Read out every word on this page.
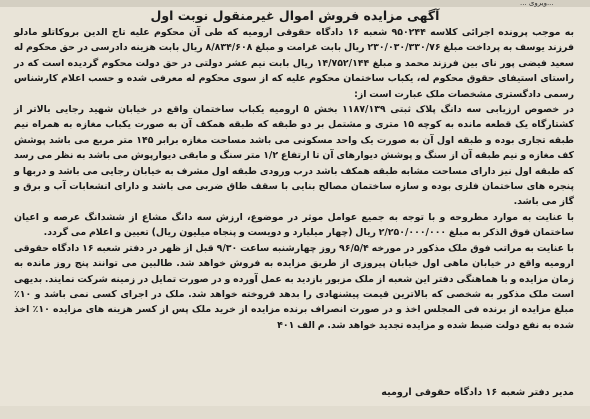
...ویروی ...
آگهی مزایده فروش اموال غیرمنقول نوبت اول

به موجب پرونده اجرائی کلاسه ۹۵۰۲۴۴ شعبه ۱۶ دادگاه حقوقی ارومیه که طی آن محکوم علیه تاج الدین بروکاتلو مادلو فرزند یوسف به پرداخت مبلغ ۲۳۰/۰۳۰/۳۳۰/۷۶ ریال بابت غرامت و مبلغ ۸/۸۳۴/۶۰۸ ریال بابت هزینه دادرسی در حق محکوم له سعید فیضی پور نای بین فرزند محمد و مبلغ ۱۴/۷۵۲/۱۴۴ ریال بابت نیم عشر دولتی در حق دولت محکوم گردیده است که در راستای استیفای حقوق محکوم له، یکباب ساختمان محکوم علیه که از سوی محکوم له معرفی شده و حسب اعلام کارشناس رسمی دادگستری مشخصات ملک عبارت است از:

در خصوص ارزیابی سه دانگ پلاک ثبتی ۱۱۸۷/۱۳۹ بخش ۵ ارومیه یکباب ساختمان واقع در خیابان شهید رجایی بالاتر از کشتارگاه یک قطعه مانده به کوچه ۱۵ متری و مشتمل بر دو طبقه که طبقه همکف آن به صورت یکباب مغازه به همراه نیم طبقه تجاری بوده و طبقه اول آن به صورت یک واحد مسکونی می باشد مساحت مغازه برابر ۱۴۵ متر مربع می باشد پوشش کف مغازه و نیم طبقه آن از سنگ و پوشش دیوارهای آن تا ارتفاع ۱/۲ متر سنگ و مابقی دیوارپوش می باشد به نظر می رسد که طبقه اول نیز دارای مساحت مشابه طبقه همکف باشد درب ورودی طبقه اول مشرف به خیابان رجایی می باشد و دربها و پنجره های ساختمان فلزی بوده و سازه ساختمان مصالح بنایی با سقف طاق ضربی می باشد و دارای انشعابات آب و برق و گاز می باشد.

با عنایت به موارد مطروحه و با توجه به جمیع عوامل موثر در موضوع، ارزش سه دانگ مشاع از ششدانگ عرصه و اعیان ساختمان فوق الذکر به مبلغ ۲/۲۵۰/۰۰۰/۰۰۰ ریال (چهار میلیارد و دویست و پنجاه میلیون ریال) تعیین و اعلام می گردد.

با عنایت به مراتب فوق ملک مذکور در مورخه ۹۶/۵/۴ روز چهارشنبه ساعت ۹/۳۰ قبل از ظهر در دفتر شعبه ۱۶ دادگاه حقوقی ارومیه واقع در خیابان ماهی اول خیابان پیروزی از طریق مزایده به فروش خواهد شد. طالبین می توانند پنج روز مانده به زمان مزایده و با هماهنگی دفتر این شعبه از ملک مزبور بازدید به عمل آورده و در صورت تمایل در زمینه شرکت نمایند. بدیهی است ملک مذکور به شخصی که بالاترین قیمت پیشنهادی را بدهد فروخته خواهد شد. ملک در اجرای کسی نمی باشد و ۱۰٪ مبلغ مزایده از برنده فی المجلس اخذ و در صورت انصراف برنده مزایده از خرید ملک پس از کسر هزینه های مزایده ۱۰٪ اخذ شده به نفع دولت ضبط شده و مزایده تجدید خواهد شد. م الف ۴۰۱

مدیر دفتر شعبه ۱۶ دادگاه حقوقی ارومیه
